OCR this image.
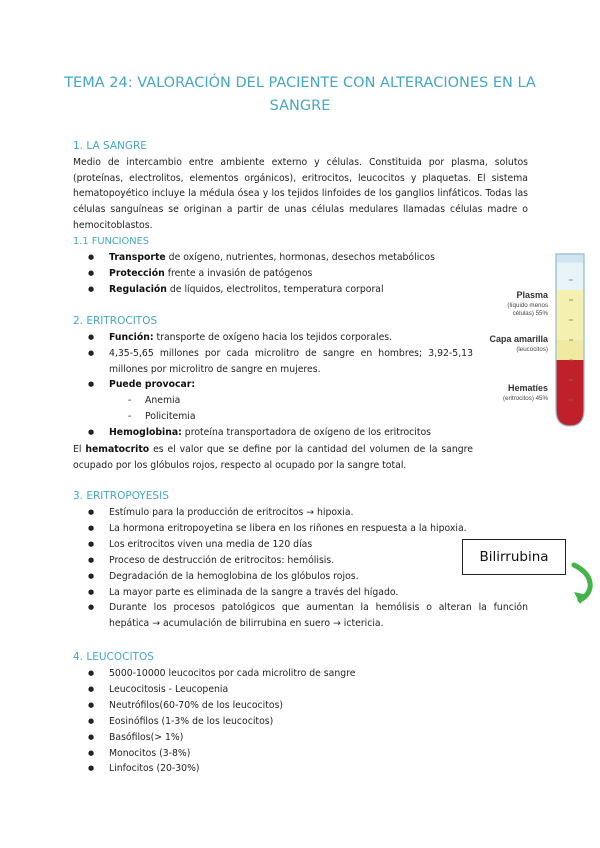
TEMA 24: VALORACIÓN DEL PACIENTE CON ALTERACIONES EN LA SANGRE
1. LA SANGRE
Medio de intercambio entre ambiente externo y células. Constituida por plasma, solutos (proteínas, electrolitos, elementos orgánicos), eritrocitos, leucocitos y plaquetas. El sistema hematopoyético incluye la médula ósea y los tejidos linfoides de los ganglios linfáticos. Todas las células sanguíneas se originan a partir de unas células medulares llamadas células madre o hemocitoblastos.
1.1 FUNCIONES
● Transporte de oxígeno, nutrientes, hormonas, desechos metabólicos
● Protección frente a invasión de patógenos
● Regulación de líquidos, electrolitos, temperatura corporal
2. ERITROCITOS
● Función: transporte de oxígeno hacia los tejidos corporales.
● 4,35-5,65 millones por cada microlitro de sangre en hombres; 3,92-5,13 millones por microlitro de sangre en mujeres.
● Puede provocar:
- Anemia
- Policitemia
● Hemoglobina: proteína transportadora de oxígeno de los eritrocitos
El hematocrito es el valor que se define por la cantidad del volumen de la sangre ocupado por los glóbulos rojos, respecto al ocupado por la sangre total.
3. ERITROPOYESIS
● Estímulo para la producción de eritrocitos → hipoxia.
● La hormona eritropoyetina se libera en los riñones en respuesta a la hipoxia.
● Los eritrocitos viven una media de 120 días
● Proceso de destrucción de eritrocitos: hemólisis.
● Degradación de la hemoglobina de los glóbulos rojos.
● La mayor parte es eliminada de la sangre a través del hígado.
● Durante los procesos patológicos que aumentan la hemólisis o alteran la función hepática → acumulación de bilirrubina en suero → ictericia.
4. LEUCOCITOS
● 5000-10000 leucocitos por cada microlitro de sangre
● Leucocitosis - Leucopenia
● Neutrófilos(60-70% de los leucocitos)
● Eosinófilos (1-3% de los leucocitos)
● Basófilos(> 1%)
● Monocitos (3-8%)
● Linfocitos (20-30%)
Plasma
(líquido menos
células) 55%
Capa amarilla
(leucocitos)
Hematíes
(eritrocitos) 45%
Bilirrubina
